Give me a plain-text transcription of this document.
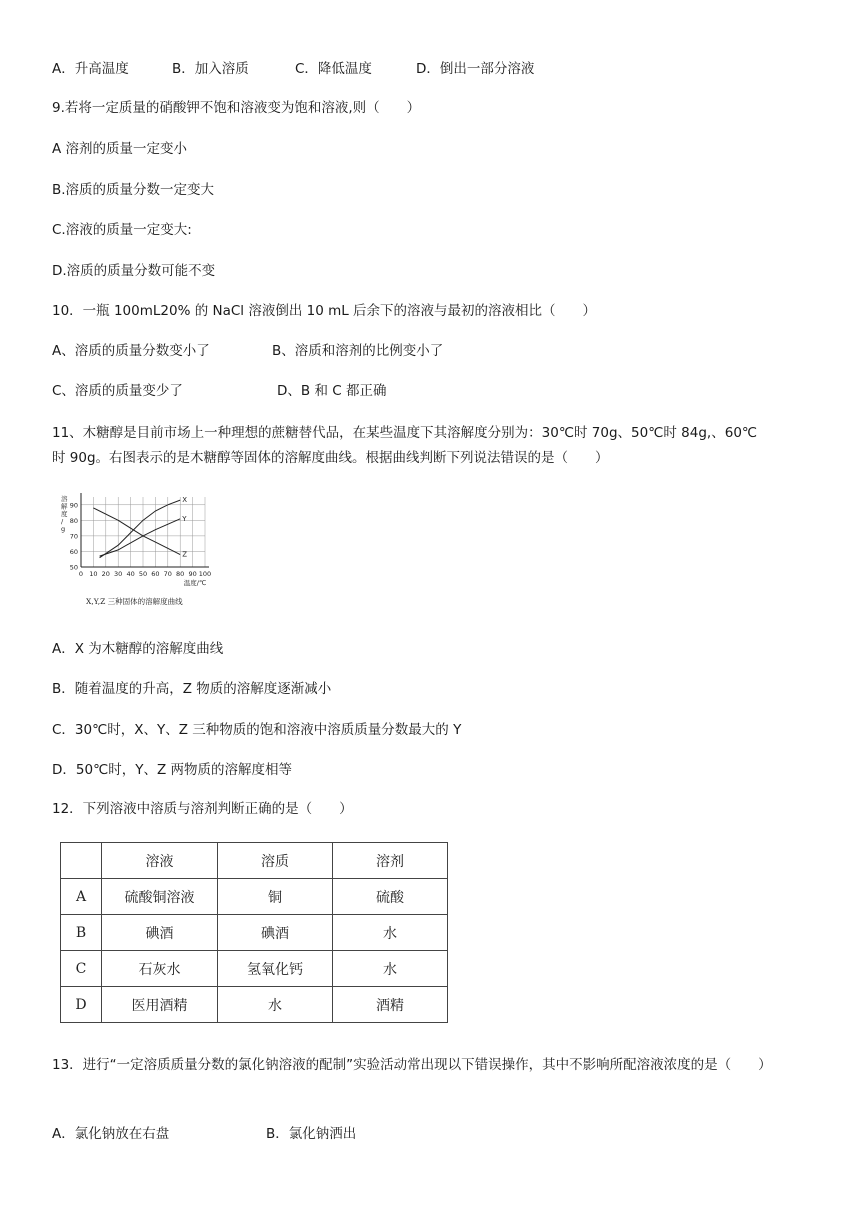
A．升高温度	B．加入溶质	C．降低温度	D．倒出一部分溶液
9.若将一定质量的硝酸钾不饱和溶液变为饱和溶液,则（　　）
A 溶剂的质量一定变小
B.溶质的质量分数一定变大
C.溶液的质量一定变大:
D.溶质的质量分数可能不变
10．一瓶 100mL20% 的 NaCl 溶液倒出 10 mL 后余下的溶液与最初的溶液相比（　　）
A、溶质的质量分数变小了	B、溶质和溶剂的比例变小了
C、溶质的质量变少了	D、B 和 C 都正确
11、木糖醇是目前市场上一种理想的蔗糖替代品，在某些温度下其溶解度分别为：30℃时 70g、50℃时 84g,、60℃
时 90g。右图表示的是木糖醇等固体的溶解度曲线。根据曲线判断下列说法错误的是（　　）
0 10 20 30 40 50 60 70 80 90 100
50
60
70
80
90
温度/℃
溶解度/ g
X
Y
Z
X,Y,Z 三种固体的溶解度曲线
A．X 为木糖醇的溶解度曲线
B．随着温度的升高，Z 物质的溶解度逐渐减小
C．30℃时，X、Y、Z 三种物质的饱和溶液中溶质质量分数最大的 Y
D．50℃时，Y、Z 两物质的溶解度相等
12．下列溶液中溶质与溶剂判断正确的是（　　）
	溶液	溶质	溶剂
A	硫酸铜溶液	铜	硫酸
B	碘酒	碘酒	水
C	石灰水	氢氧化钙	水
D	医用酒精	水	酒精
13．进行“一定溶质质量分数的氯化钠溶液的配制”实验活动常出现以下错误操作，其中不影响所配溶液浓度的是（　　）
A．氯化钠放在右盘	B．氯化钠洒出
